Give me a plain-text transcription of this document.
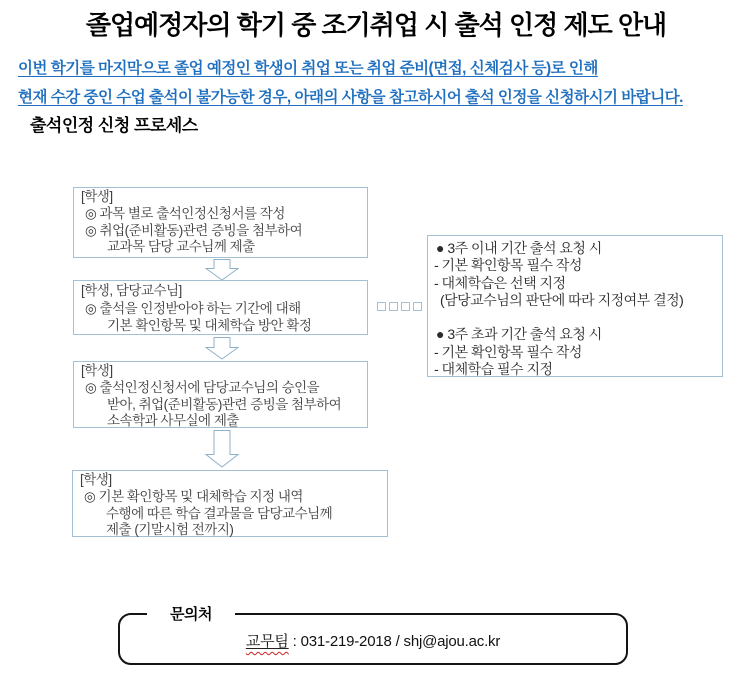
졸업예정자의 학기 중 조기취업 시 출석 인정 제도 안내
이번 학기를 마지막으로 졸업 예정인 학생이 취업 또는 취업 준비(면접, 신체검사 등)로 인해
현재 수강 중인 수업 출석이 불가능한 경우, 아래의 사항을 참고하시어 출석 인정을 신청하시기 바랍니다.
출석인정 신청 프로세스
[학생]
◎ 과목 별로 출석인정신청서를 작성
◎ 취업(준비활동)관련 증빙을 첨부하여
교과목 담당 교수님께 제출
[학생, 담당교수님]
◎ 출석을 인정받아야 하는 기간에 대해
기본 확인항목 및 대체학습 방안 확정
[학생]
◎ 출석인정신청서에 담당교수님의 승인을
받아, 취업(준비활동)관련 증빙을 첨부하여
소속학과 사무실에 제출
[학생]
◎ 기본 확인항목 및 대체학습 지정 내역
수행에 따른 학습 결과물을 담당교수님께
제출 (기말시험 전까지)
● 3주 이내 기간 출석 요청 시
- 기본 확인항목 필수 작성
- 대체학습은 선택 지정
(담당교수님의 판단에 따라 지정여부 결정)
● 3주 초과 기간 출석 요청 시
- 기본 확인항목 필수 작성
- 대체학습 필수 지정
문의처
교무팀 : 031-219-2018 / shj@ajou.ac.kr
